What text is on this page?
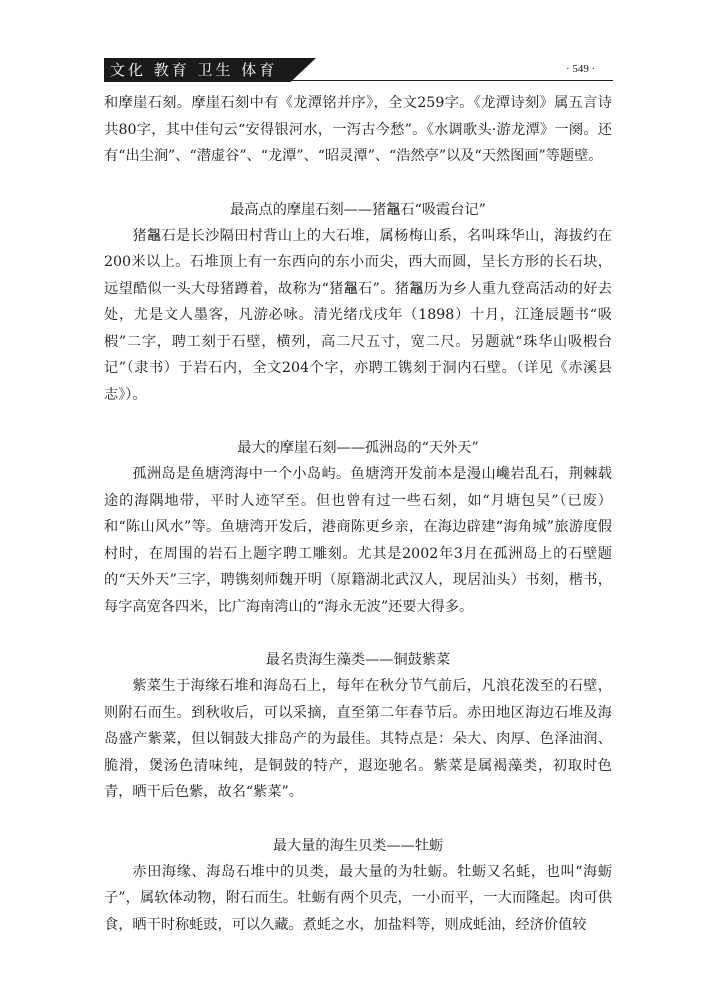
文化 教育 卫生 体育	· 549 ·

和摩崖石刻。摩崖石刻中有《龙潭铭并序》，全文259字。《龙潭诗刻》属五言诗共80字，其中佳句云“安得银河水，一泻古今愁”。《水调歌头·游龙潭》一阕。还有“出尘涧”、“潜虚谷”、“龙潭”、“昭灵潭”、“浩然亭”以及“天然图画”等题壁。

最高点的摩崖石刻——猪𪓟石“吸霞台记”

猪𪓟石是长沙隔田村背山上的大石堆，属杨梅山系，名叫珠华山，海拔约在200米以上。石堆顶上有一东西向的东小而尖，西大而圆，呈长方形的长石块，远望酷似一头大母猪蹲着，故称为“猪𪓟石”。猪𪓟历为乡人重九登高活动的好去处，尤是文人墨客，凡游必咏。清光绪戊戌年（1898）十月，江逢辰题书“吸椵”二字，聘工刻于石壁，横列，高二尺五寸，宽二尺。另题就“珠华山吸椵台记”（隶书）于岩石内，全文204个字，亦聘工镌刻于洞内石壁。（详见《赤溪县志》）。

最大的摩崖石刻——孤洲岛的“天外天”

孤洲岛是鱼塘湾海中一个小岛屿。鱼塘湾开发前本是漫山巉岩乱石，荆棘载途的海隅地带，平时人迹罕至。但也曾有过一些石刻，如“月塘包吴”（已废）和“陈山风水”等。鱼塘湾开发后，港商陈更乡亲，在海边辟建“海角城”旅游度假村时，在周围的岩石上题字聘工雕刻。尤其是2002年3月在孤洲岛上的石壁题的“天外天”三字，聘镌刻师魏开明（原籍湖北武汉人，现居汕头）书刻，楷书，每字高宽各四米，比广海南湾山的“海永无波”还要大得多。

最名贵海生藻类——铜鼓紫菜

紫菜生于海缘石堆和海岛石上，每年在秋分节气前后，凡浪花泼至的石壁，则附石而生。到秋收后，可以采摘，直至第二年春节后。赤田地区海边石堆及海岛盛产紫菜，但以铜鼓大排岛产的为最佳。其特点是：朵大、肉厚、色泽油润、脆滑，煲汤色清味纯，是铜鼓的特产，遐迩驰名。紫菜是属褐藻类，初取时色青，晒干后色紫，故名“紫菜”。

最大量的海生贝类——牡蛎

赤田海缘、海岛石堆中的贝类，最大量的为牡蛎。牡蛎又名蚝，也叫“海蛎子”，属软体动物，附石而生。牡蛎有两个贝壳，一小而平，一大而隆起。肉可供食，晒干时称蚝豉，可以久藏。煮蚝之水，加盐料等，则成蚝油，经济价值较
